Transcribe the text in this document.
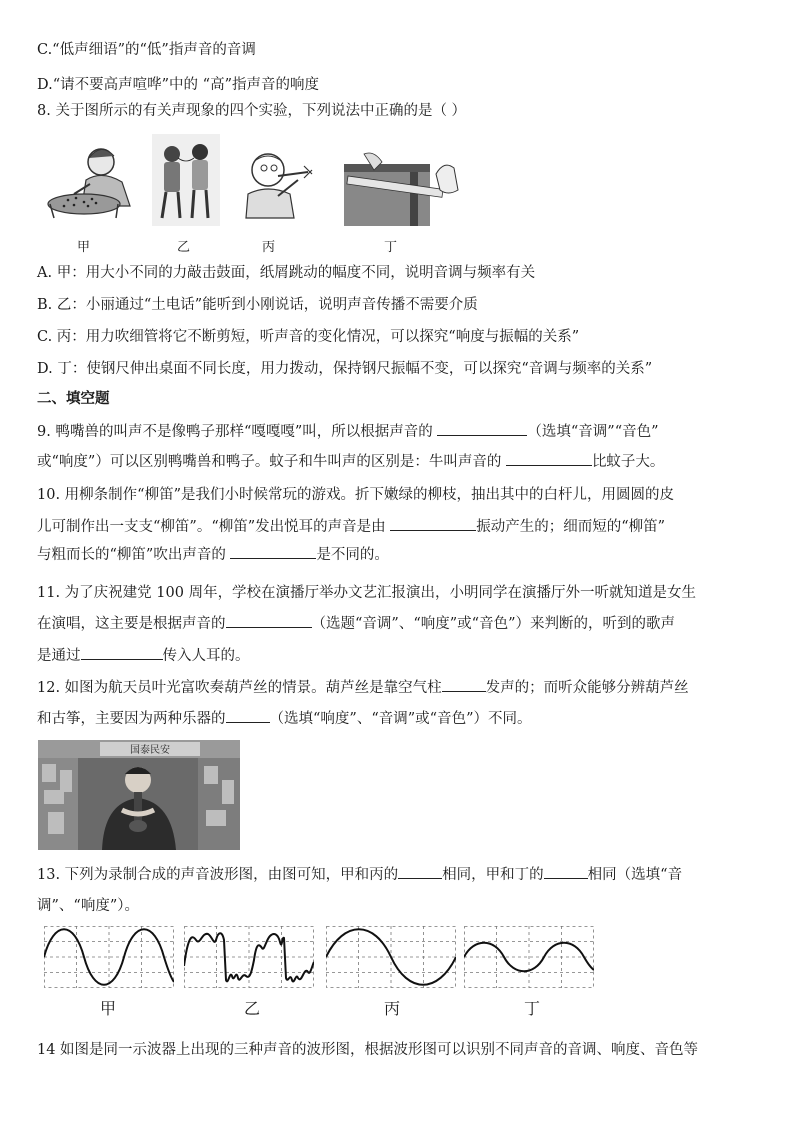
C.“低声细语”的“低”指声音的音调
D.“请不要高声喧哗”中的 “高”指声音的响度
8. 关于图所示的有关声现象的四个实验，下列说法中正确的是（ ）
甲	乙	丙	丁
A. 甲：用大小不同的力敲击鼓面，纸屑跳动的幅度不同，说明音调与频率有关
B. 乙：小丽通过“土电话”能听到小刚说话，说明声音传播不需要介质
C. 丙：用力吹细管将它不断剪短，听声音的变化情况，可以探究“响度与振幅的关系”
D. 丁：使钢尺伸出桌面不同长度，用力拨动，保持钢尺振幅不变，可以探究“音调与频率的关系”
二、填空题
9. 鸭嘴兽的叫声不是像鸭子那样“嘎嘎嘎”叫，所以根据声音的	（选填“音调”“音色”
或“响度”）可以区别鸭嘴兽和鸭子。蚊子和牛叫声的区别是：牛叫声音的	比蚊子大。
10. 用柳条制作“柳笛”是我们小时候常玩的游戏。折下嫩绿的柳枝，抽出其中的白杆儿，用圆圆的皮
儿可制作出一支支“柳笛”。“柳笛”发出悦耳的声音是由	振动产生的；细而短的“柳笛”
与粗而长的“柳笛”吹出声音的	是不同的。
11. 为了庆祝建党 100 周年，学校在演播厅举办文艺汇报演出，小明同学在演播厅外一听就知道是女生
在演唱，这主要是根据声音的	（选题“音调”、“响度”或“音色”）来判断的，听到的歌声
是通过	传入人耳的。
12. 如图为航天员叶光富吹奏葫芦丝的情景。葫芦丝是靠空气柱	发声的；而听众能够分辨葫芦丝
和古筝，主要因为两种乐器的	（选填“响度”、“音调”或“音色”）不同。
国泰民安
13. 下列为录制合成的声音波形图，由图可知，甲和丙的	相同，甲和丁的	相同（选填“音
调”、“响度”）。
甲	乙	丙	丁
14 如图是同一示波器上出现的三种声音的波形图，根据波形图可以识别不同声音的音调、响度、音色等
